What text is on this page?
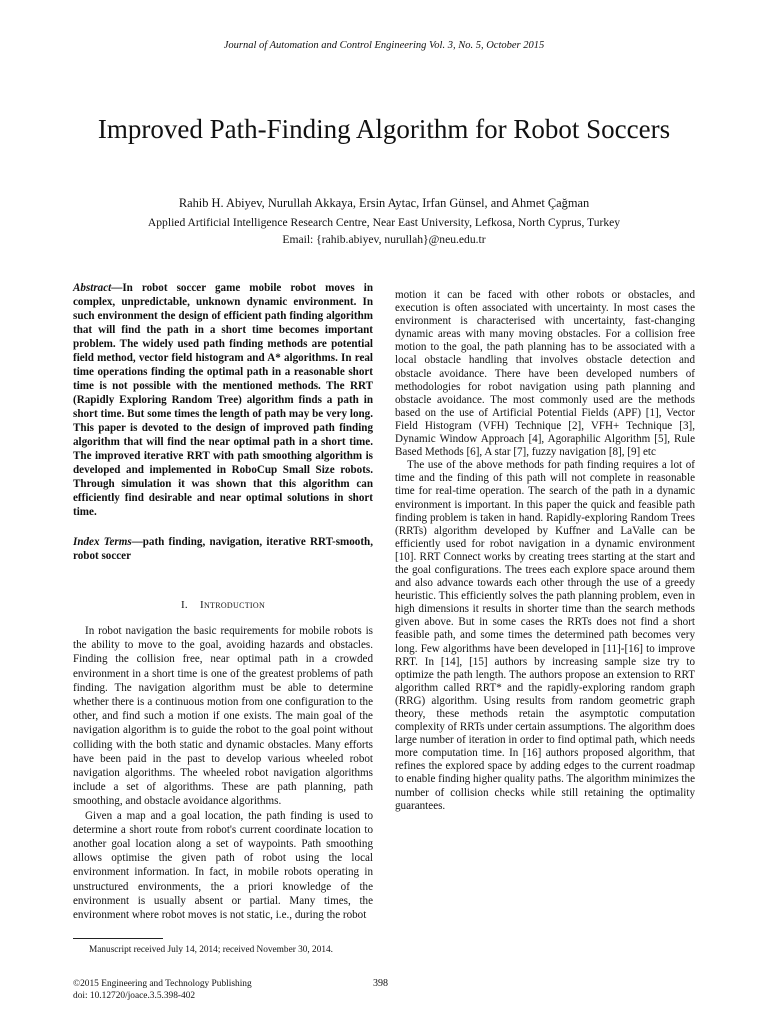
Journal of Automation and Control Engineering Vol. 3, No. 5, October 2015
Improved Path-Finding Algorithm for Robot Soccers
Rahib H. Abiyev, Nurullah Akkaya, Ersin Aytac, Irfan Günsel, and Ahmet Çağman
Applied Artificial Intelligence Research Centre, Near East University, Lefkosa, North Cyprus, Turkey
Email: {rahib.abiyev, nurullah}@neu.edu.tr

Abstract—In robot soccer game mobile robot moves in complex, unpredictable, unknown dynamic environment. In such environment the design of efficient path finding algorithm that will find the path in a short time becomes important problem. The widely used path finding methods are potential field method, vector field histogram and A* algorithms. In real time operations finding the optimal path in a reasonable short time is not possible with the mentioned methods. The RRT (Rapidly Exploring Random Tree) algorithm finds a path in short time. But some times the length of path may be very long. This paper is devoted to the design of improved path finding algorithm that will find the near optimal path in a short time. The improved iterative RRT with path smoothing algorithm is developed and implemented in RoboCup Small Size robots. Through simulation it was shown that this algorithm can efficiently find desirable and near optimal solutions in short time.

Index Terms—path finding, navigation, iterative RRT-smooth, robot soccer

I. Introduction

In robot navigation the basic requirements for mobile robots is the ability to move to the goal, avoiding hazards and obstacles. Finding the collision free, near optimal path in a crowded environment in a short time is one of the greatest problems of path finding. The navigation algorithm must be able to determine whether there is a continuous motion from one configuration to the other, and find such a motion if one exists. The main goal of the navigation algorithm is to guide the robot to the goal point without colliding with the both static and dynamic obstacles. Many efforts have been paid in the past to develop various wheeled robot navigation algorithms. The wheeled robot navigation algorithms include a set of algorithms. These are path planning, path smoothing, and obstacle avoidance algorithms.

Given a map and a goal location, the path finding is used to determine a short route from robot's current coordinate location to another goal location along a set of waypoints. Path smoothing allows optimise the given path of robot using the local environment information. In fact, in mobile robots operating in unstructured environments, the a priori knowledge of the environment is usually absent or partial. Many times, the environment where robot moves is not static, i.e., during the robot

motion it can be faced with other robots or obstacles, and execution is often associated with uncertainty. In most cases the environment is characterised with uncertainty, fast-changing dynamic areas with many moving obstacles. For a collision free motion to the goal, the path planning has to be associated with a local obstacle handling that involves obstacle detection and obstacle avoidance. There have been developed numbers of methodologies for robot navigation using path planning and obstacle avoidance. The most commonly used are the methods based on the use of Artificial Potential Fields (APF) [1], Vector Field Histogram (VFH) Technique [2], VFH+ Technique [3], Dynamic Window Approach [4], Agoraphilic Algorithm [5], Rule Based Methods [6], A star [7], fuzzy navigation [8], [9] etc

The use of the above methods for path finding requires a lot of time and the finding of this path will not complete in reasonable time for real-time operation. The search of the path in a dynamic environment is important. In this paper the quick and feasible path finding problem is taken in hand. Rapidly-exploring Random Trees (RRTs) algorithm developed by Kuffner and LaValle can be efficiently used for robot navigation in a dynamic environment [10]. RRT Connect works by creating trees starting at the start and the goal configurations. The trees each explore space around them and also advance towards each other through the use of a greedy heuristic. This efficiently solves the path planning problem, even in high dimensions it results in shorter time than the search methods given above. But in some cases the RRTs does not find a short feasible path, and some times the determined path becomes very long. Few algorithms have been developed in [11]-[16] to improve RRT. In [14], [15] authors by increasing sample size try to optimize the path length. The authors propose an extension to RRT algorithm called RRT* and the rapidly-exploring random graph (RRG) algorithm. Using results from random geometric graph theory, these methods retain the asymptotic computation complexity of RRTs under certain assumptions. The algorithm does large number of iteration in order to find optimal path, which needs more computation time. In [16] authors proposed algorithm, that refines the explored space by adding edges to the current roadmap to enable finding higher quality paths. The algorithm minimizes the number of collision checks while still retaining the optimality guarantees.

Manuscript received July 14, 2014; received November 30, 2014.
©2015 Engineering and Technology Publishing
doi: 10.12720/joace.3.5.398-402
398
